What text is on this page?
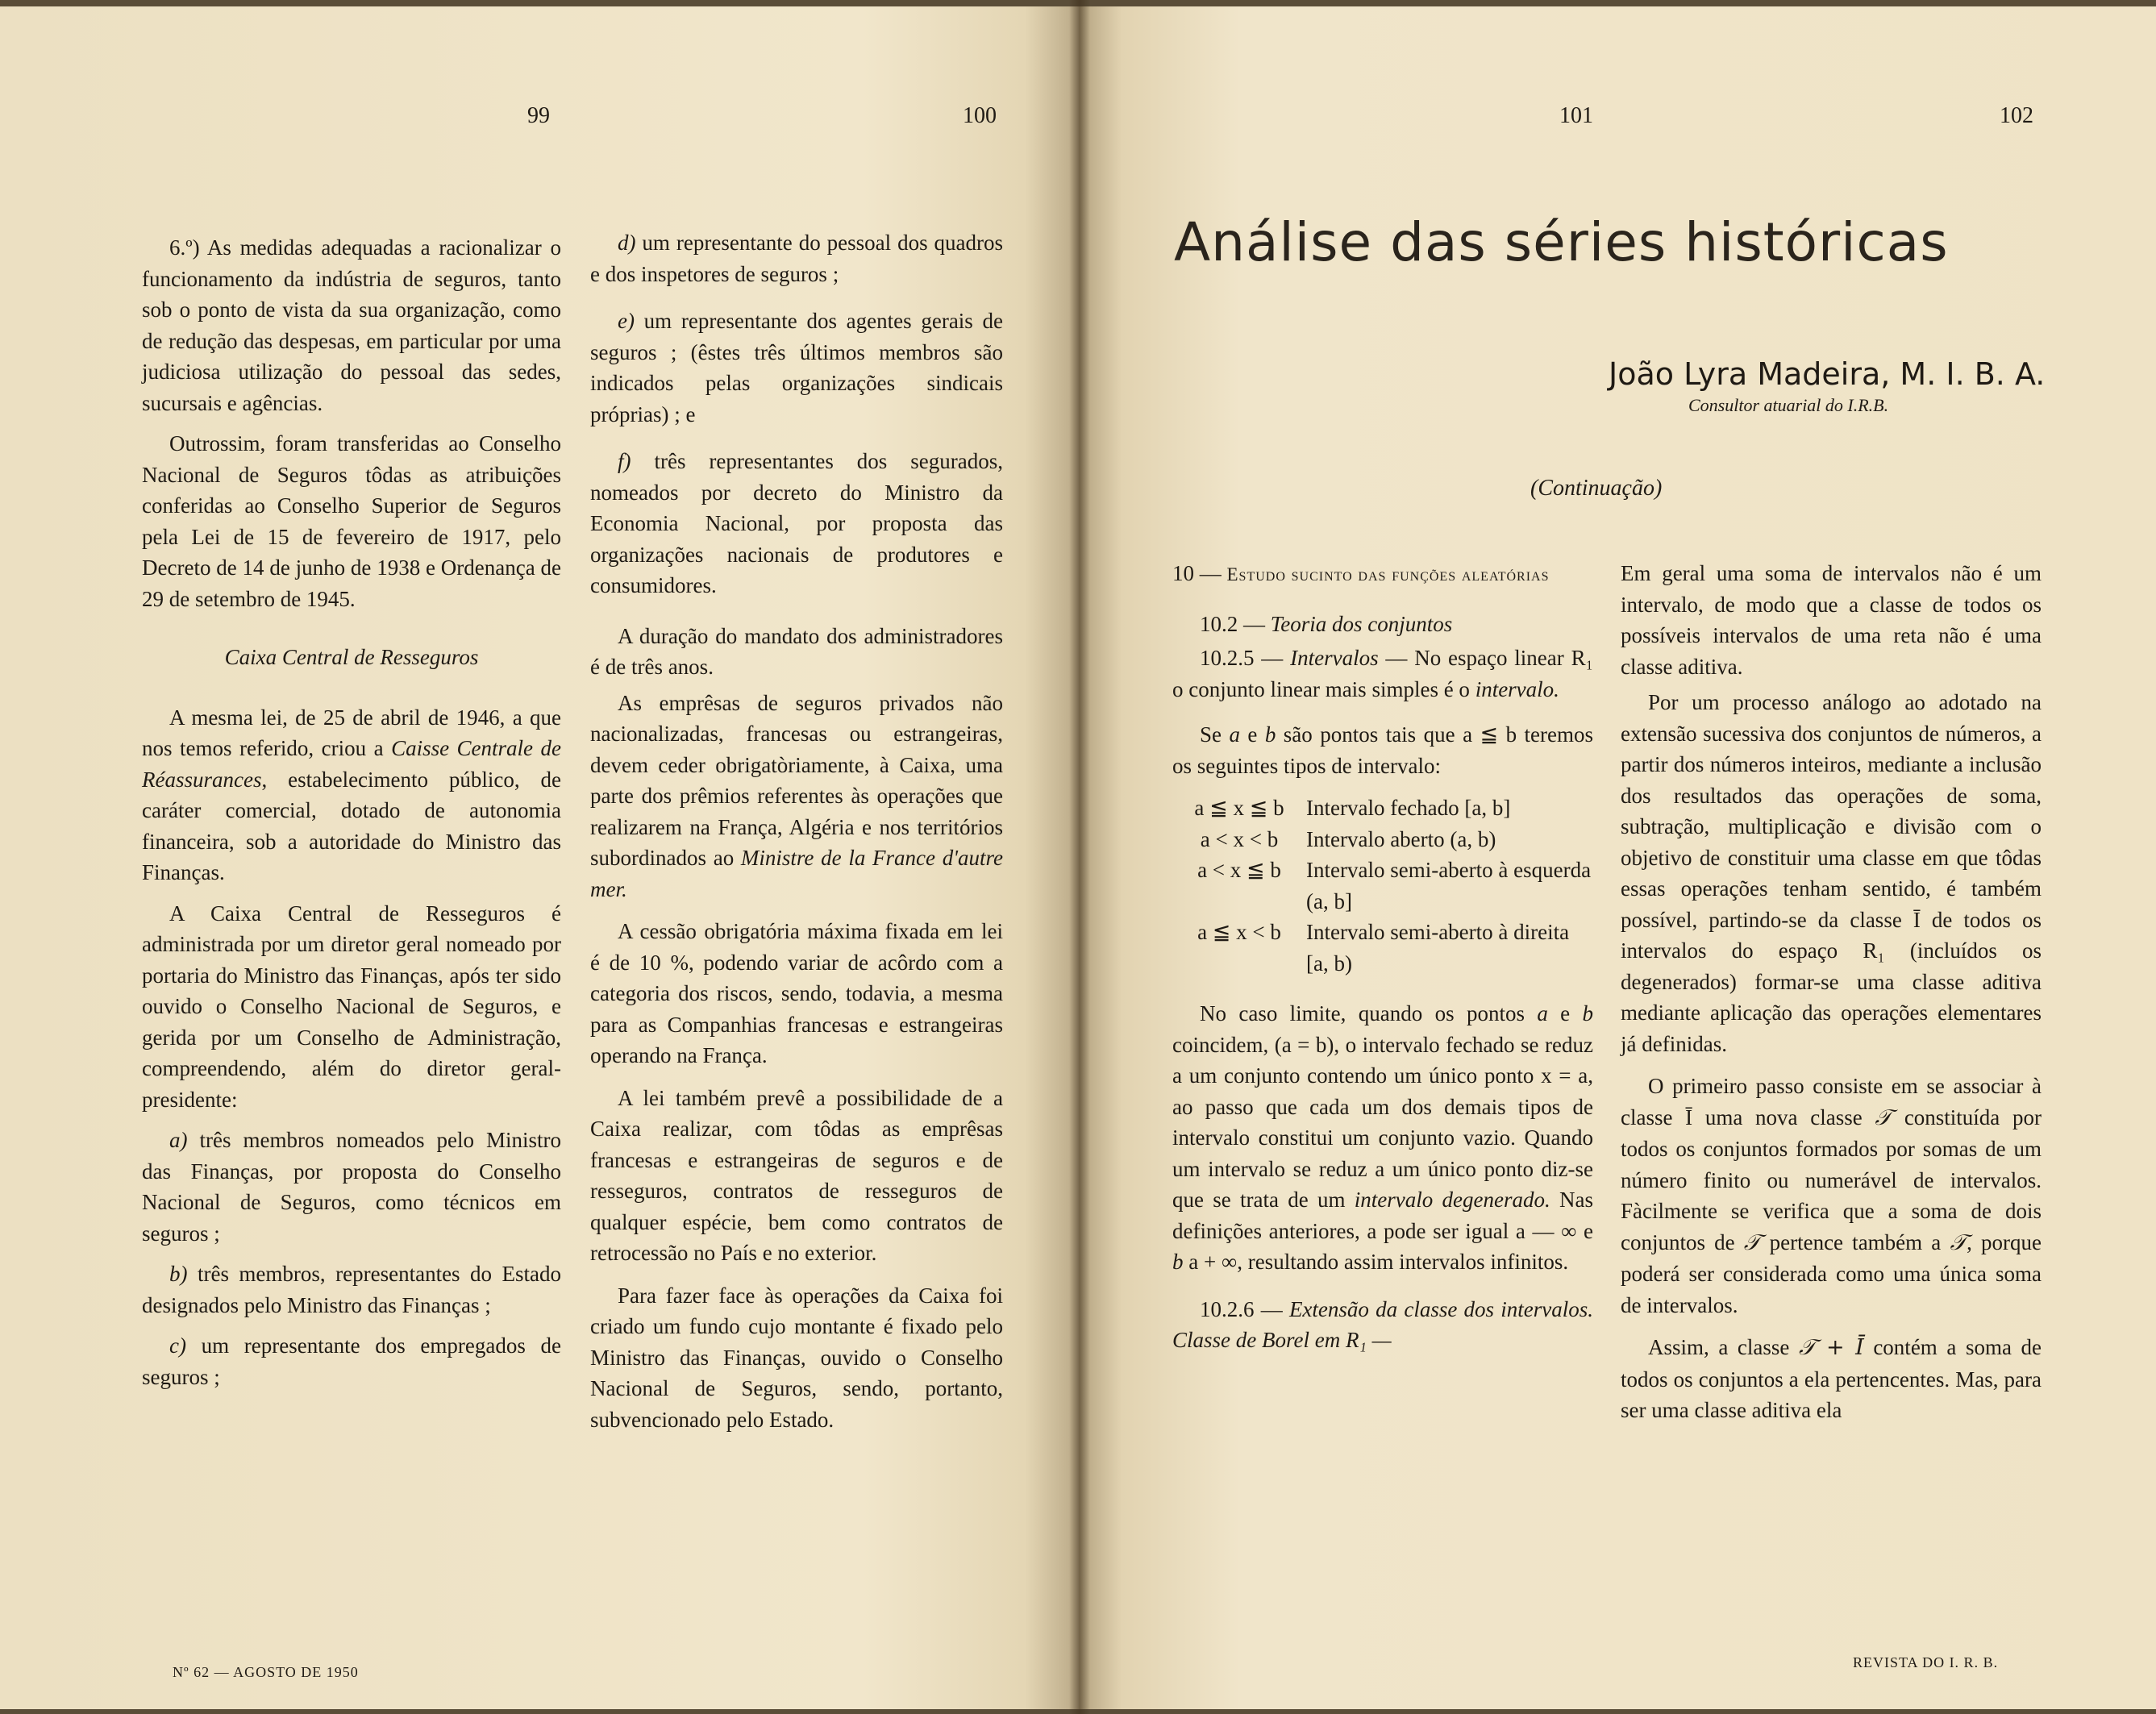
99	100	101	102

6.º) As medidas adequadas a racionalizar o funcionamento da indústria de seguros, tanto sob o ponto de vista da sua organização, como de redução das despesas, em particular por uma judiciosa utilização do pessoal das sedes, sucursais e agências.

Outrossim, foram transferidas ao Conselho Nacional de Seguros tôdas as atribuições conferidas ao Conselho Superior de Seguros pela Lei de 15 de fevereiro de 1917, pelo Decreto de 14 de junho de 1938 e Ordenança de 29 de setembro de 1945.

Caixa Central de Resseguros

A mesma lei, de 25 de abril de 1946, a que nos temos referido, criou a Caisse Centrale de Réassurances, estabelecimento público, de caráter comercial, dotado de autonomia financeira, sob a autoridade do Ministro das Finanças.

A Caixa Central de Resseguros é administrada por um diretor geral nomeado por portaria do Ministro das Finanças, após ter sido ouvido o Conselho Nacional de Seguros, e gerida por um Conselho de Administração, compreendendo, além do diretor geral-presidente:

a) três membros nomeados pelo Ministro das Finanças, por proposta do Conselho Nacional de Seguros, como técnicos em seguros ;

b) três membros, representantes do Estado designados pelo Ministro das Finanças ;

c) um representante dos empregados de seguros ;

d) um representante do pessoal dos quadros e dos inspetores de seguros ;

e) um representante dos agentes gerais de seguros ; (êstes três últimos membros são indicados pelas organizações sindicais próprias) ; e

f) três representantes dos segurados, nomeados por decreto do Ministro da Economia Nacional, por proposta das organizações nacionais de produtores e consumidores.

A duração do mandato dos administradores é de três anos.

As emprêsas de seguros privados não nacionalizadas, francesas ou estrangeiras, devem ceder obrigatòriamente, à Caixa, uma parte dos prêmios referentes às operações que realizarem na França, Algéria e nos territórios subordinados ao Ministre de la France d'autre mer.

A cessão obrigatória máxima fixada em lei é de 10 %, podendo variar de acôrdo com a categoria dos riscos, sendo, todavia, a mesma para as Companhias francesas e estrangeiras operando na França.

A lei também prevê a possibilidade de a Caixa realizar, com tôdas as emprêsas francesas e estrangeiras de seguros e de resseguros, contratos de resseguros de qualquer espécie, bem como contratos de retrocessão no País e no exterior.

Para fazer face às operações da Caixa foi criado um fundo cujo montante é fixado pelo Ministro das Finanças, ouvido o Conselho Nacional de Seguros, sendo, portanto, subvencionado pelo Estado.

Nº 62 — AGOSTO DE 1950
Análise das séries históricas
João Lyra Madeira, M. I. B. A.
Consultor atuarial do I.R.B.
(Continuação)

10 — Estudo sucinto das funções aleatórias

10.2 — Teoria dos conjuntos

10.2.5 — Intervalos — No espaço linear R₁ o conjunto linear mais simples é o intervalo.

Se a e b são pontos tais que a ≦ b teremos os seguintes tipos de intervalo:

a ≦ x ≦ b	Intervalo fechado [a, b]
a < x < b	Intervalo aberto (a, b)
a < x ≦ b	Intervalo semi-aberto à esquerda (a, b]
a ≦ x < b	Intervalo semi-aberto à direita [a, b)

No caso limite, quando os pontos a e b coincidem, (a = b), o intervalo fechado se reduz a um conjunto contendo um único ponto x = a, ao passo que cada um dos demais tipos de intervalo constitui um conjunto vazio. Quando um intervalo se reduz a um único ponto diz-se que se trata de um intervalo degenerado. Nas definições anteriores, a pode ser igual a — ∞ e b a + ∞, resultando assim intervalos infinitos.

10.2.6 — Extensão da classe dos intervalos. Classe de Borel em R₁ —

Em geral uma soma de intervalos não é um intervalo, de modo que a classe de todos os possíveis intervalos de uma reta não é uma classe aditiva.

Por um processo análogo ao adotado na extensão sucessiva dos conjuntos de números, a partir dos números inteiros, mediante a inclusão dos resultados das operações de soma, subtração, multiplicação e divisão com o objetivo de constituir uma classe em que tôdas essas operações tenham sentido, é também possível, partindo-se da classe Ī de todos os intervalos do espaço R₁ (incluídos os degenerados) formar-se uma classe aditiva mediante aplicação das operações elementares já definidas.

O primeiro passo consiste em se associar à classe Ī uma nova classe 𝒯 constituída por todos os conjuntos formados por somas de um número finito ou numerável de intervalos. Fàcilmente se verifica que a soma de dois conjuntos de 𝒯 pertence também a 𝒯, porque poderá ser considerada como uma única soma de intervalos.

Assim, a classe 𝒯 + Ī contém a soma de todos os conjuntos a ela pertencentes. Mas, para ser uma classe aditiva ela

REVISTA DO I. R. B.
